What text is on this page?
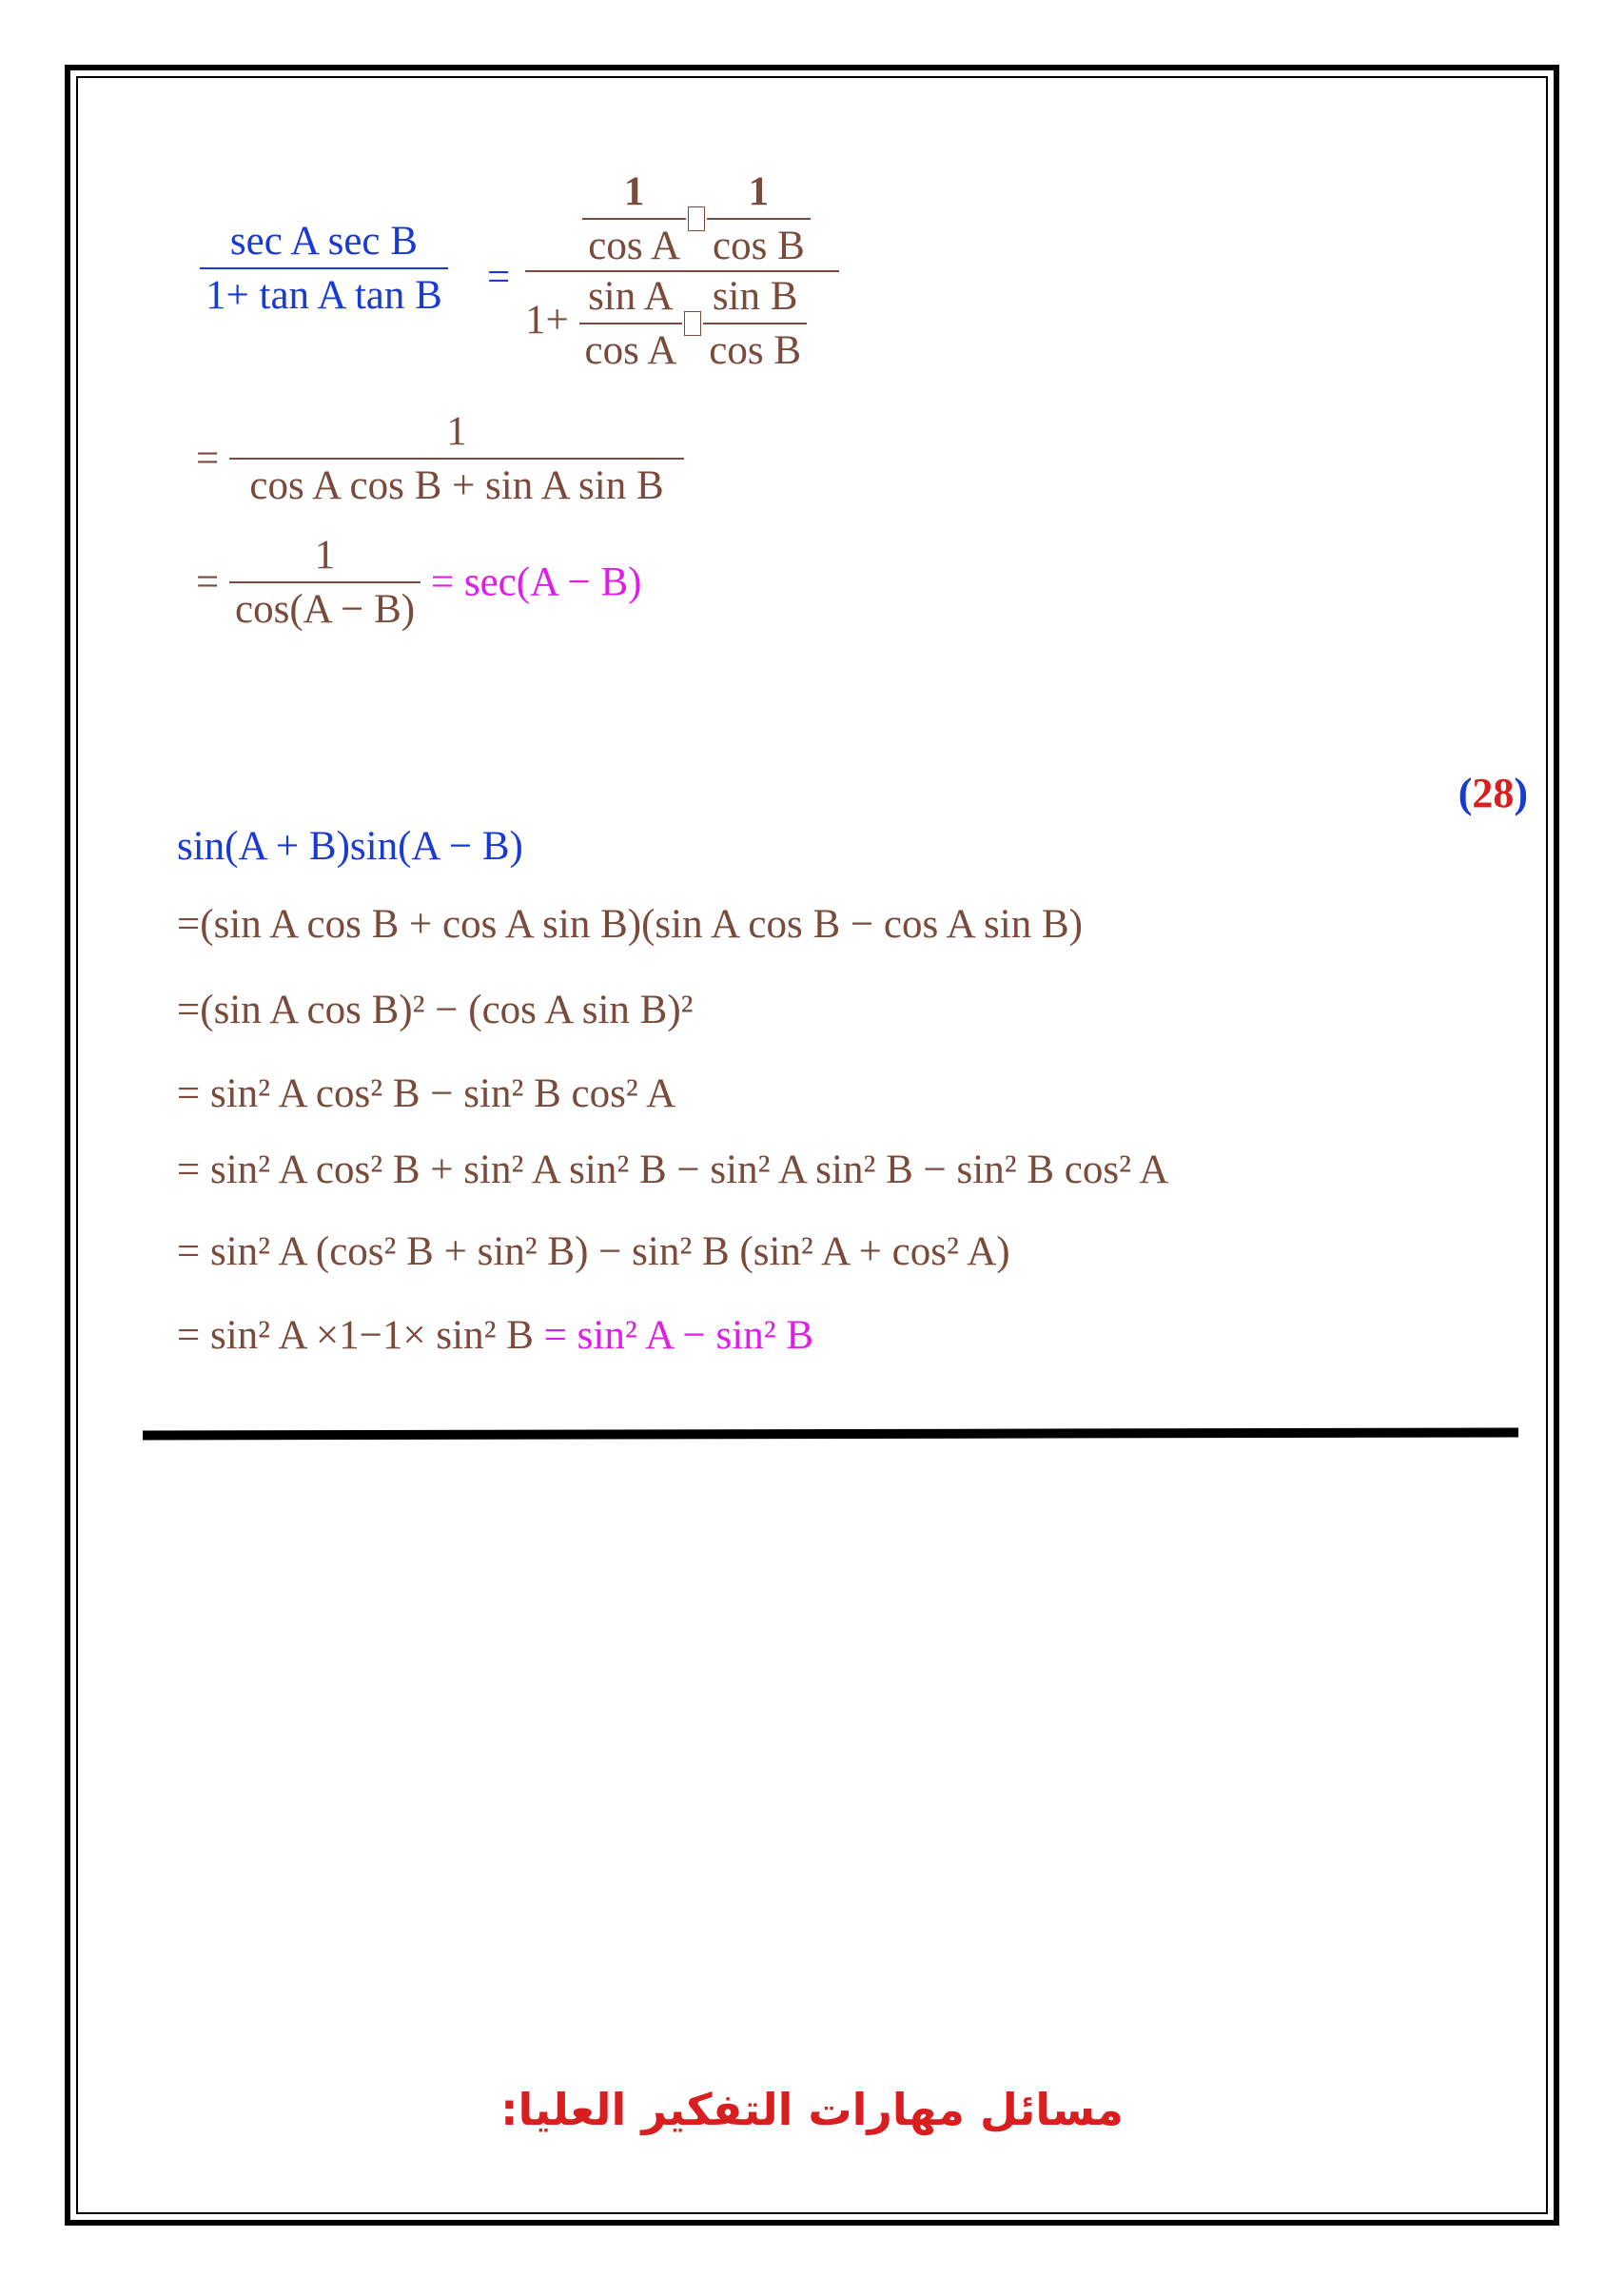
$\frac{\text{sec A sec B}}{\text{1+ tan A tan B}} = \frac{\frac{1}{\text{cos A}} \frac{1}{\text{cos B}}}{1+ \frac{\text{sin A}}{\text{cos A}} \frac{\text{sin B}}{\text{cos B}}}$
= $\frac{1}{\text{cos A cos B + sin A sin B}}$
= $\frac{1}{\cos(A - B)} = \sec(A - B)$
(28)
sin(A + B)sin(A − B)
=(sin A cos B + cos A sin B)(sin A cos B − cos A sin B)
=(sin A cos B)² − (cos A sin B)²
= sin² A cos² B − sin² B cos² A
= sin² A cos² B + sin² A sin² B − sin² A sin² B − sin² B cos² A
= sin² A (cos² B + sin² B) − sin² B (sin² A + cos² A)
= sin² A ×1−1× sin² B = sin² A − sin² B
مسائل مهارات التفكير العليا:
